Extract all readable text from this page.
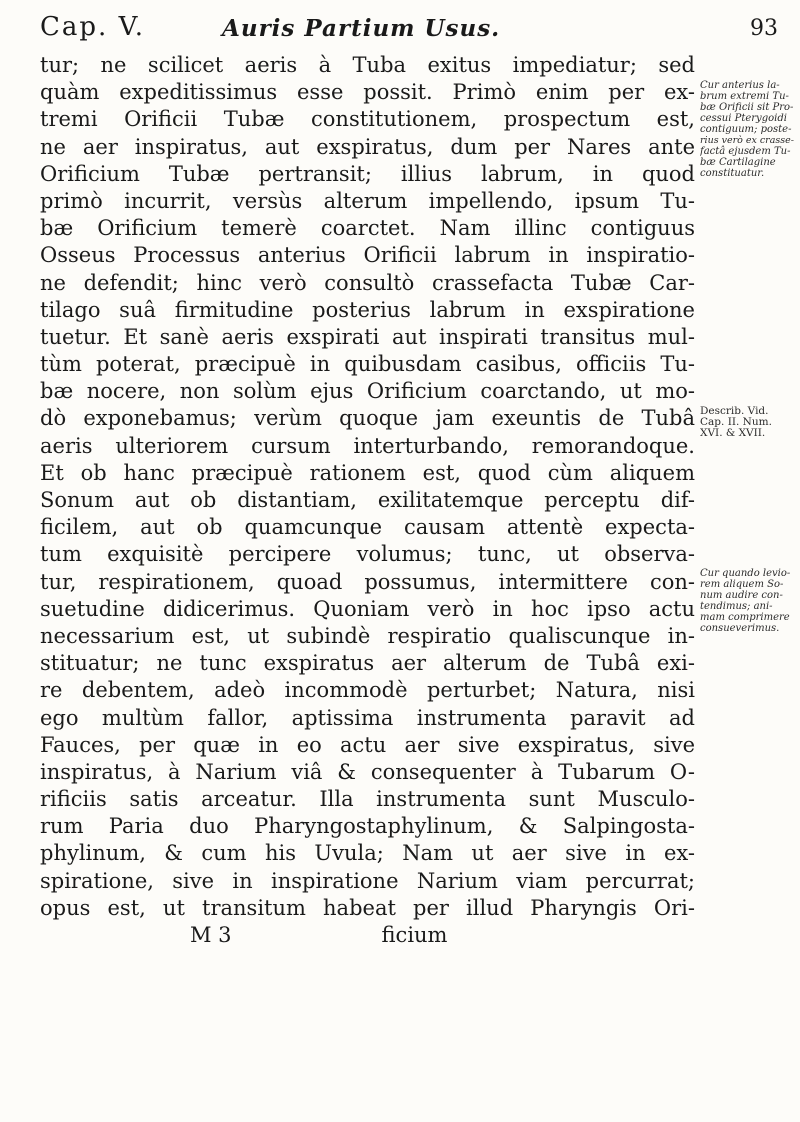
Cap. V.	Auris Partium Usus.	93
tur; ne scilicet aeris à Tuba exitus impediatur; sed
quàm expeditissimus esse possit. Primò enim per ex-
tremi Orificii Tubæ constitutionem, prospectum est,
ne aer inspiratus, aut exspiratus, dum per Nares ante
Orificium Tubæ pertransit; illius labrum, in quod
primò incurrit, versùs alterum impellendo, ipsum Tu-
bæ Orificium temerè coarctet. Nam illinc contiguus
Osseus Processus anterius Orificii labrum in inspiratio-
ne defendit; hinc verò consultò crassefacta Tubæ Car-
tilago suâ firmitudine posterius labrum in exspiratione
tuetur. Et sanè aeris exspirati aut inspirati transitus mul-
tùm poterat, præcipuè in quibusdam casibus, officiis Tu-
bæ nocere, non solùm ejus Orificium coarctando, ut mo-
dò exponebamus; verùm quoque jam exeuntis de Tubâ
aeris ulteriorem cursum interturbando, remorandoque.
Et ob hanc præcipuè rationem est, quod cùm aliquem
Sonum aut ob distantiam, exilitatemque perceptu dif-
ficilem, aut ob quamcunque causam attentè expecta-
tum exquisitè percipere volumus; tunc, ut observa-
tur, respirationem, quoad possumus, intermittere con-
suetudine didicerimus. Quoniam verò in hoc ipso actu
necessarium est, ut subindè respiratio qualiscunque in-
stituatur; ne tunc exspiratus aer alterum de Tubâ exi-
re debentem, adeò incommodè perturbet; Natura, nisi
ego multùm fallor, aptissima instrumenta paravit ad
Fauces, per quæ in eo actu aer sive exspiratus, sive
inspiratus, à Narium viâ & consequenter à Tubarum O-
rificiis satis arceatur. Illa instrumenta sunt Musculo-
rum Paria duo Pharyngostaphylinum, & Salpingosta-
phylinum, & cum his Uvula; Nam ut aer sive in ex-
spiratione, sive in inspiratione Narium viam percurrat;
opus est, ut transitum habeat per illud Pharyngis Ori-
M 3	ficium
Cur anterius la-
brum extremi Tu-
bæ Orificii sit Pro-
cessui Pterygoidi
contiguum; poste-
rius verò ex crasse-
factâ ejusdem Tu-
bæ Cartilagine
constituatur.
Describ. Vid.
Cap. II. Num.
XVI. & XVII.
Cur quando levio-
rem aliquem So-
num audire con-
tendimus; ani-
mam comprimere
consueverimus.
